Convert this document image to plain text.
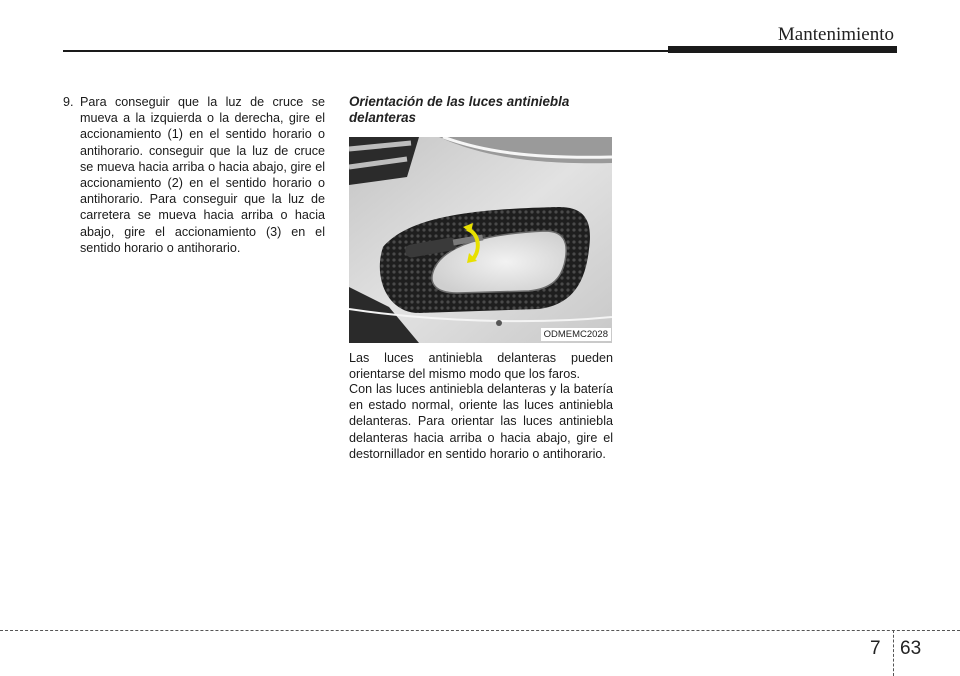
Mantenimiento
9. Para conseguir que la luz de cruce se mueva a la izquierda o la derecha, gire el accionamiento (1) en el sentido horario o antihorario. conseguir que la luz de cruce se mueva hacia arriba o hacia abajo, gire el accionamiento (2) en el sentido horario o antihorario. Para conseguir que la luz de carretera se mueva hacia arriba o hacia abajo, gire el accionamiento (3) en el sentido horario o antihorario.
Orientación de las luces antiniebla delanteras
ODMEMC2028

Las luces antiniebla delanteras pueden orientarse del mismo modo que los faros.

Con las luces antiniebla delanteras y la batería en estado normal, oriente las luces antiniebla delanteras. Para orientar las luces antiniebla delanteras hacia arriba o hacia abajo, gire el destornillador en sentido horario o antihorario.

7 63
